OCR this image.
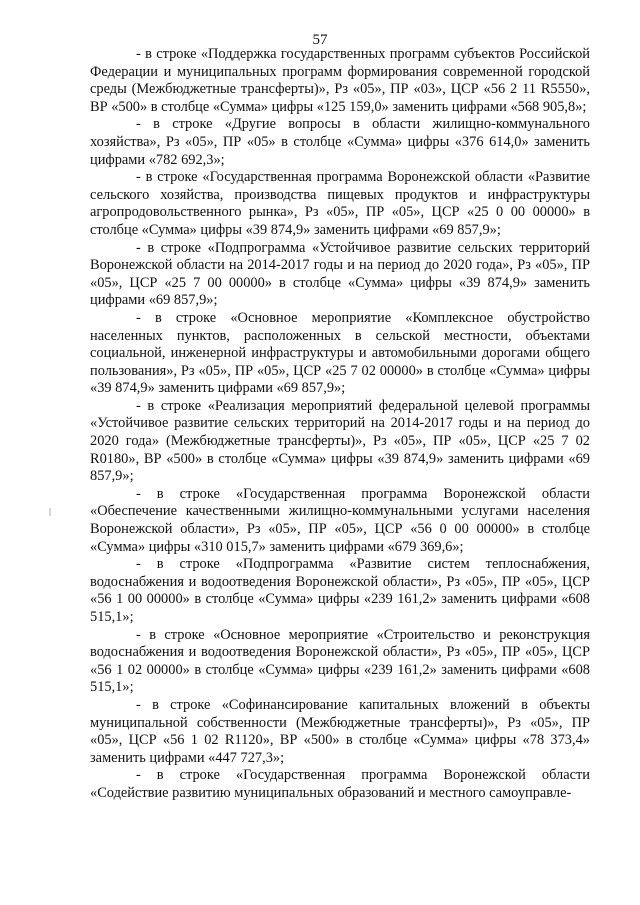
57

- в строке «Поддержка государственных программ субъектов Российской Федерации и муниципальных программ формирования современной городской среды (Межбюджетные трансферты)», Рз «05», ПР «03», ЦСР «56 2 11 R5550», ВР «500» в столбце «Сумма» цифры «125 159,0» заменить цифрами «568 905,8»;

- в строке «Другие вопросы в области жилищно-коммунального хозяйства», Рз «05», ПР «05» в столбце «Сумма» цифры «376 614,0» заменить цифрами «782 692,3»;

- в строке «Государственная программа Воронежской области «Развитие сельского хозяйства, производства пищевых продуктов и инфраструктуры агропродовольственного рынка», Рз «05», ПР «05», ЦСР «25 0 00 00000» в столбце «Сумма» цифры «39 874,9» заменить цифрами «69 857,9»;

- в строке «Подпрограмма «Устойчивое развитие сельских территорий Воронежской области на 2014-2017 годы и на период до 2020 года», Рз «05», ПР «05», ЦСР «25 7 00 00000» в столбце «Сумма» цифры «39 874,9» заменить цифрами «69 857,9»;

- в строке «Основное мероприятие «Комплексное обустройство населенных пунктов, расположенных в сельской местности, объектами социальной, инженерной инфраструктуры и автомобильными дорогами общего пользования», Рз «05», ПР «05», ЦСР «25 7 02 00000» в столбце «Сумма» цифры «39 874,9» заменить цифрами «69 857,9»;

- в строке «Реализация мероприятий федеральной целевой программы «Устойчивое развитие сельских территорий на 2014-2017 годы и на период до 2020 года» (Межбюджетные трансферты)», Рз «05», ПР «05», ЦСР «25 7 02 R0180», ВР «500» в столбце «Сумма» цифры «39 874,9» заменить цифрами «69 857,9»;

- в строке «Государственная программа Воронежской области «Обеспечение качественными жилищно-коммунальными услугами населения Воронежской области», Рз «05», ПР «05», ЦСР «56 0 00 00000» в столбце «Сумма» цифры «310 015,7» заменить цифрами «679 369,6»;

- в строке «Подпрограмма «Развитие систем теплоснабжения, водоснабжения и водоотведения Воронежской области», Рз «05», ПР «05», ЦСР «56 1 00 00000» в столбце «Сумма» цифры «239 161,2» заменить цифрами «608 515,1»;

- в строке «Основное мероприятие «Строительство и реконструкция водоснабжения и водоотведения Воронежской области», Рз «05», ПР «05», ЦСР «56 1 02 00000» в столбце «Сумма» цифры «239 161,2» заменить цифрами «608 515,1»;

- в строке «Софинансирование капитальных вложений в объекты муниципальной собственности (Межбюджетные трансферты)», Рз «05», ПР «05», ЦСР «56 1 02 R1120», ВР «500» в столбце «Сумма» цифры «78 373,4» заменить цифрами «447 727,3»;

- в строке «Государственная программа Воронежской области «Содействие развитию муниципальных образований и местного самоуправле-
